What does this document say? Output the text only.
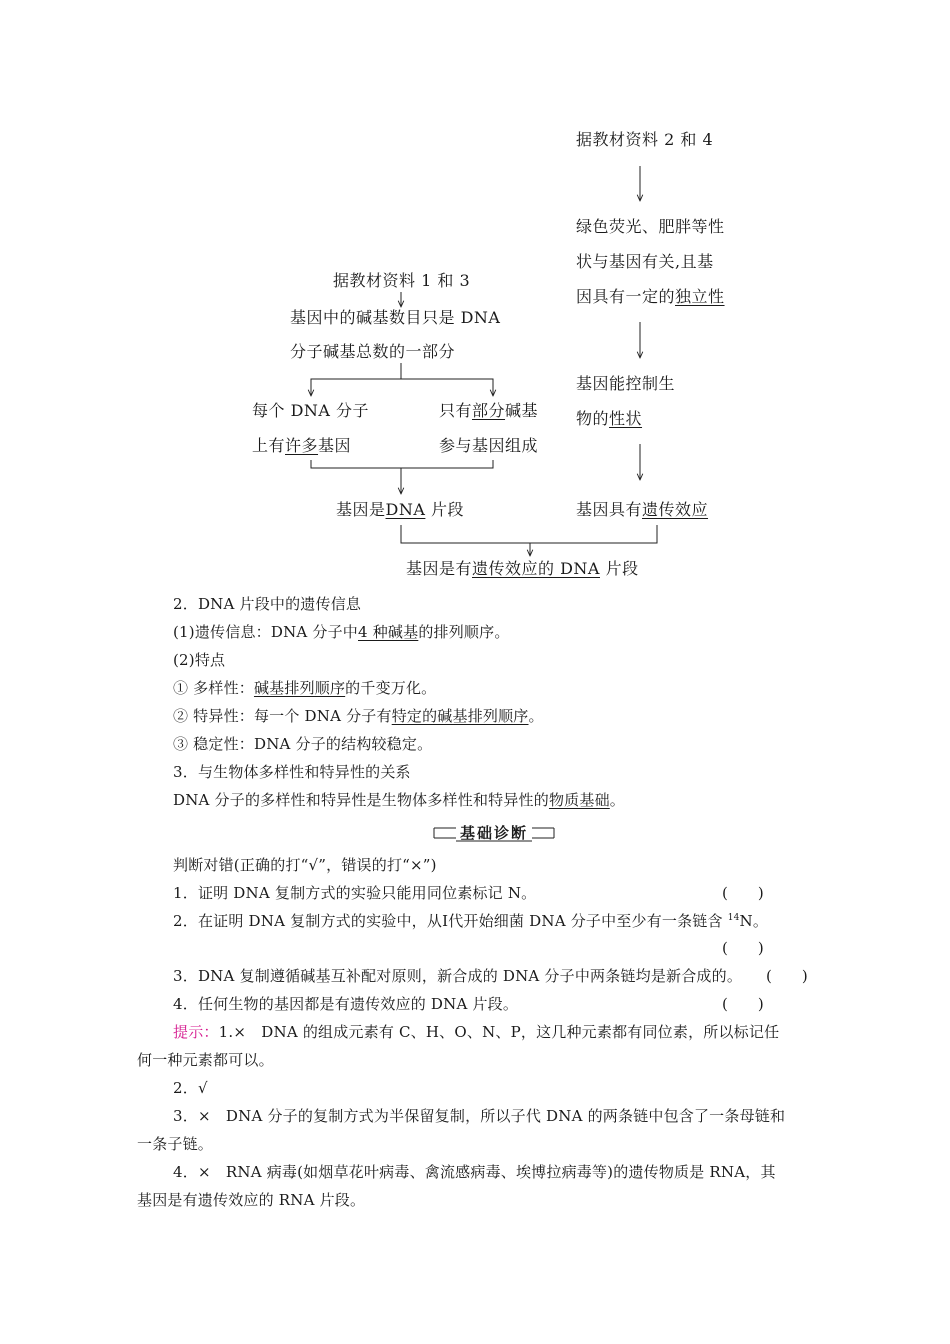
据教材资料 2 和 4
绿色荧光、肥胖等性
状与基因有关,且基
因具有一定的独立性
基因能控制生
物的性状
基因具有遗传效应
据教材资料 1 和 3
基因中的碱基数目只是 DNA
分子碱基总数的一部分
每个 DNA 分子
上有许多基因
只有部分碱基
参与基因组成
基因是DNA 片段
基因是有遗传效应的 DNA 片段
2．DNA 片段中的遗传信息
(1)遗传信息：DNA 分子中4 种碱基的排列顺序。
(2)特点
① 多样性：碱基排列顺序的千变万化。
② 特异性：每一个 DNA 分子有特定的碱基排列顺序。
③ 稳定性：DNA 分子的结构较稳定。
3．与生物体多样性和特异性的关系
DNA 分子的多样性和特异性是生物体多样性和特异性的物质基础。
基础诊断
判断对错(正确的打“√”，错误的打“×”)
1．证明 DNA 复制方式的实验只能用同位素标记 N。	(　　)
2．在证明 DNA 复制方式的实验中，从Ⅰ代开始细菌 DNA 分子中至少有一条链含 $^{14}$N。
(　　)
3．DNA 复制遵循碱基互补配对原则，新合成的 DNA 分子中两条链均是新合成的。 (　　)
4．任何生物的基因都是有遗传效应的 DNA 片段。	(　　)
提示：1.×　DNA 的组成元素有 C、H、O、N、P，这几种元素都有同位素，所以标记任
何一种元素都可以。
2．√
3．×　DNA 分子的复制方式为半保留复制，所以子代 DNA 的两条链中包含了一条母链和
一条子链。
4．×　RNA 病毒(如烟草花叶病毒、禽流感病毒、埃博拉病毒等)的遗传物质是 RNA，其
基因是有遗传效应的 RNA 片段。
